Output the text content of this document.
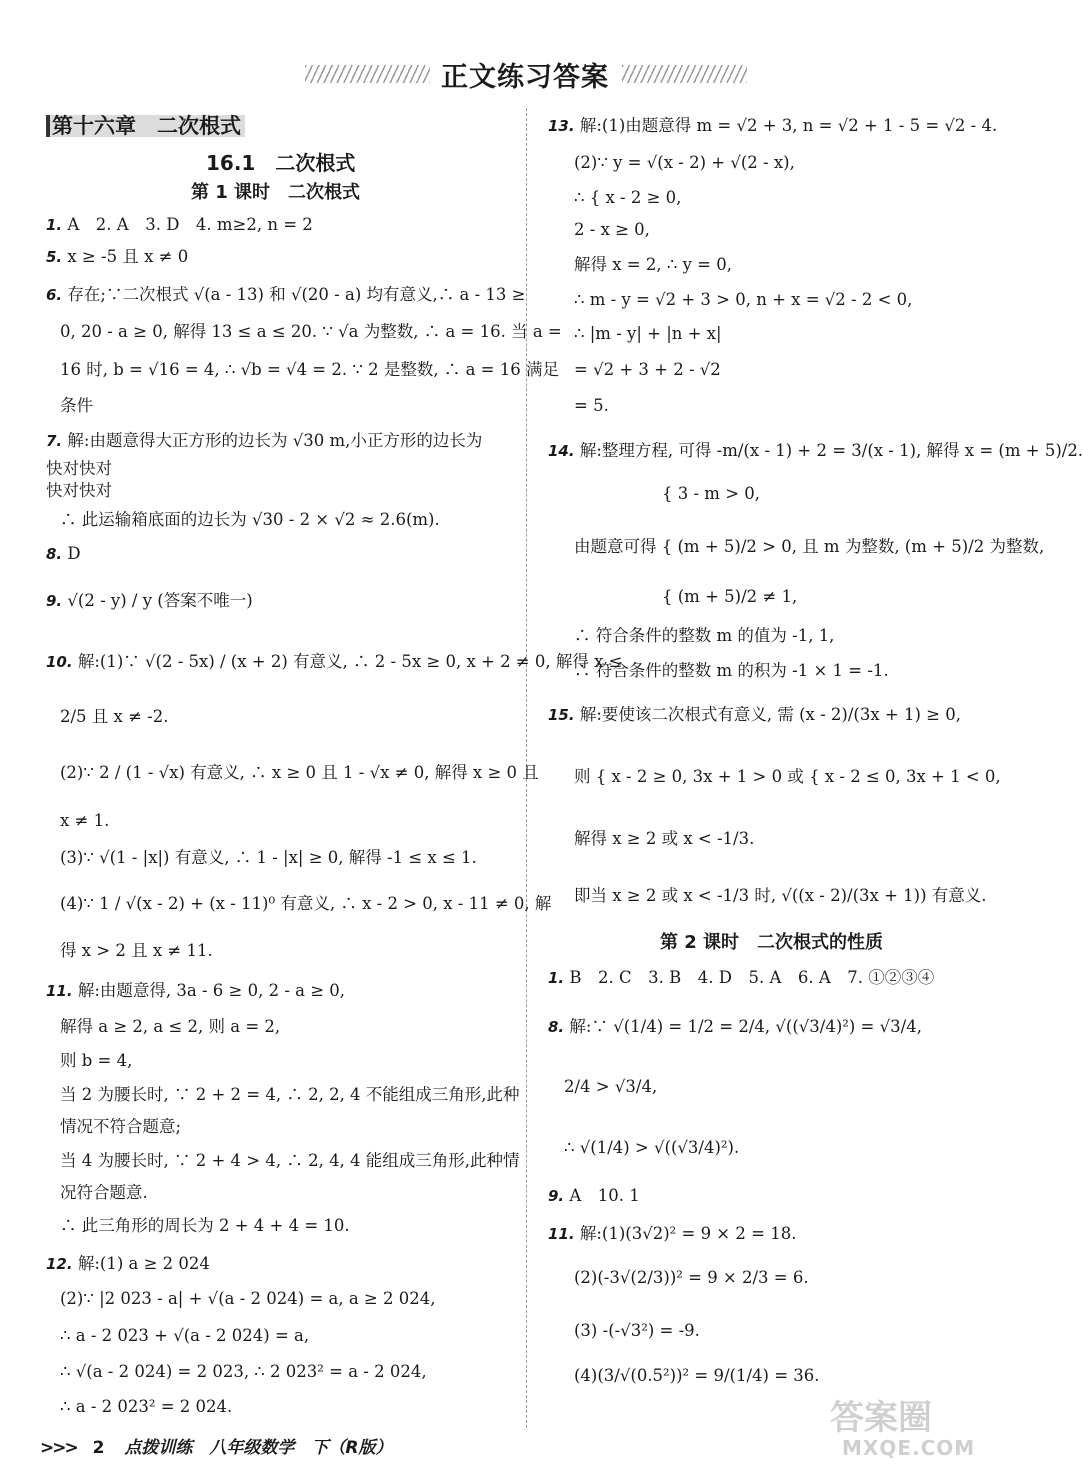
正文练习答案
第十六章　二次根式
16.1　二次根式
第 1 课时　二次根式
1. A　2. A　3. D　4. m≥2, n = 2
5. x ≥ -5 且 x ≠ 0
6. 存在;∵二次根式 √(a - 13) 和 √(20 - a) 均有意义,∴ a - 13 ≥
0, 20 - a ≥ 0, 解得 13 ≤ a ≤ 20. ∵ √a 为整数, ∴ a = 16. 当 a =
16 时, b = √16 = 4, ∴ √b = √4 = 2. ∵ 2 是整数, ∴ a = 16 满足
条件
7. 解:由题意得大正方形的边长为 √30 m,小正方形的边长为
快对快对
快对快对
∴ 此运输箱底面的边长为 √30 - 2 × √2 ≈ 2.6(m).
8. D
9. √(2 - y) / y (答案不唯一)
10. 解:(1)∵ √(2 - 5x) / (x + 2) 有意义, ∴ 2 - 5x ≥ 0, x + 2 ≠ 0, 解得 x ≤
2/5 且 x ≠ -2.
(2)∵ 2 / (1 - √x) 有意义, ∴ x ≥ 0 且 1 - √x ≠ 0, 解得 x ≥ 0 且
x ≠ 1.
(3)∵ √(1 - |x|) 有意义, ∴ 1 - |x| ≥ 0, 解得 -1 ≤ x ≤ 1.
(4)∵ 1 / √(x - 2) + (x - 11)⁰ 有意义, ∴ x - 2 > 0, x - 11 ≠ 0, 解
得 x > 2 且 x ≠ 11.
11. 解:由题意得, 3a - 6 ≥ 0, 2 - a ≥ 0,
解得 a ≥ 2, a ≤ 2, 则 a = 2,
则 b = 4,
当 2 为腰长时, ∵ 2 + 2 = 4, ∴ 2, 2, 4 不能组成三角形,此种
情况不符合题意;
当 4 为腰长时, ∵ 2 + 4 > 4, ∴ 2, 4, 4 能组成三角形,此种情
况符合题意.
∴ 此三角形的周长为 2 + 4 + 4 = 10.
12. 解:(1) a ≥ 2 024
(2)∵ |2 023 - a| + √(a - 2 024) = a, a ≥ 2 024,
∴ a - 2 023 + √(a - 2 024) = a,
∴ √(a - 2 024) = 2 023, ∴ 2 023² = a - 2 024,
∴ a - 2 023² = 2 024.
13. 解:(1)由题意得 m = √2 + 3, n = √2 + 1 - 5 = √2 - 4.
(2)∵ y = √(x - 2) + √(2 - x),
∴ { x - 2 ≥ 0,
2 - x ≥ 0,
解得 x = 2, ∴ y = 0,
∴ m - y = √2 + 3 > 0, n + x = √2 - 2 < 0,
∴ |m - y| + |n + x|
= √2 + 3 + 2 - √2
= 5.
14. 解:整理方程, 可得 -m/(x - 1) + 2 = 3/(x - 1), 解得 x = (m + 5)/2.
{ 3 - m > 0,
由题意可得 { (m + 5)/2 > 0, 且 m 为整数, (m + 5)/2 为整数,
{ (m + 5)/2 ≠ 1,
∴ 符合条件的整数 m 的值为 -1, 1,
∴ 符合条件的整数 m 的积为 -1 × 1 = -1.
15. 解:要使该二次根式有意义, 需 (x - 2)/(3x + 1) ≥ 0,
则 { x - 2 ≥ 0, 3x + 1 > 0 或 { x - 2 ≤ 0, 3x + 1 < 0,
解得 x ≥ 2 或 x < -1/3.
即当 x ≥ 2 或 x < -1/3 时, √((x - 2)/(3x + 1)) 有意义.
第 2 课时　二次根式的性质
1. B　2. C　3. B　4. D　5. A　6. A　7. ①②③④
8. 解:∵ √(1/4) = 1/2 = 2/4, √((√3/4)²) = √3/4,
2/4 > √3/4,
∴ √(1/4) > √((√3/4)²).
9. A　10. 1
11. 解:(1)(3√2)² = 9 × 2 = 18.
(2)(-3√(2/3))² = 9 × 2/3 = 6.
(3) -(-√3²) = -9.
(4)(3/√(0.5²))² = 9/(1/4) = 36.
>>> 2 点拨训练　八年级数学　下（R版）
答案圈
MXQE.COM
